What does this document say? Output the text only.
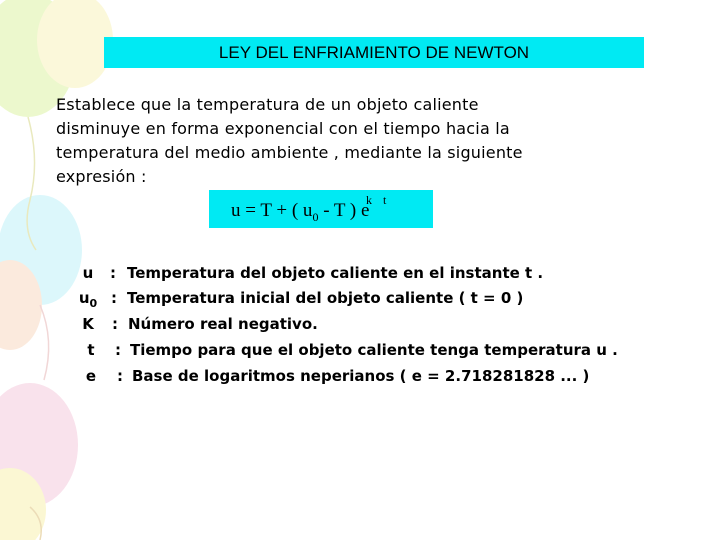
LEY DEL ENFRIAMIENTO DE NEWTON
Establece que la temperatura de un objeto caliente
disminuye en forma exponencial con el tiempo hacia la
temperatura del medio ambiente , mediante la siguiente
expresión :
u = T + ( $u_0$ - T ) e
k t
u	: Temperatura del objeto caliente en el instante t .
$u_0$ : Temperatura inicial del objeto caliente ( t = 0 )
K	: Número real negativo.
t	: Tiempo para que el objeto caliente tenga temperatura u .
e	: Base de logaritmos neperianos ( e = 2.718281828 ... )
